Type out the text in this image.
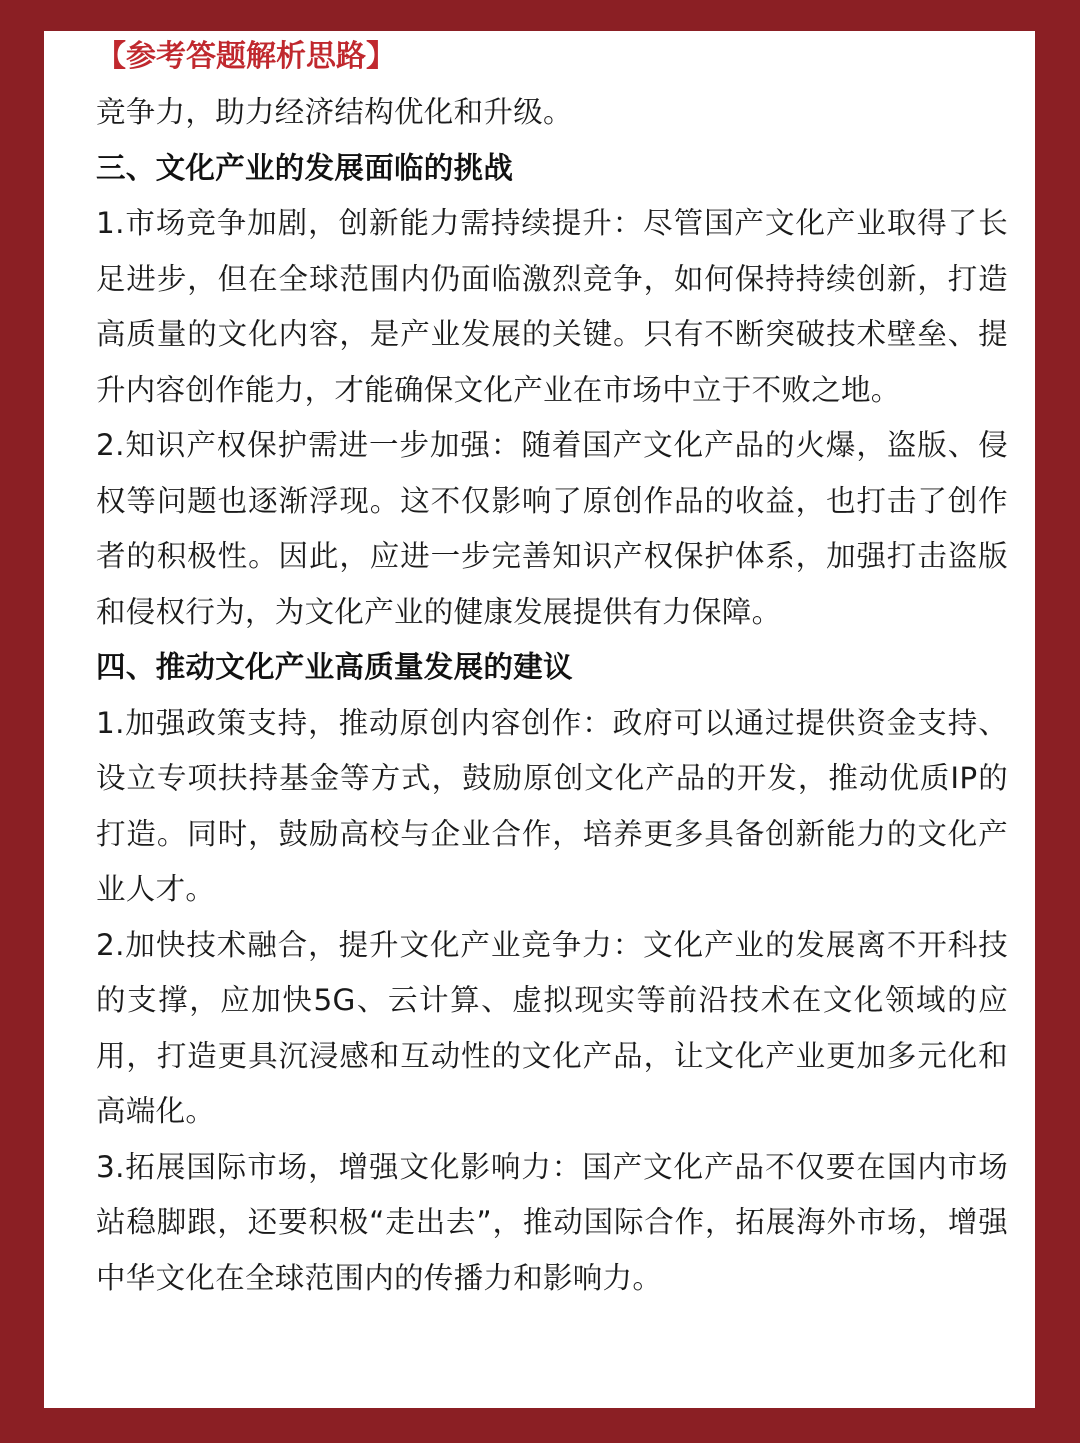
【参考答题解析思路】

竞争力，助力经济结构优化和升级。

三、文化产业的发展面临的挑战

1.市场竞争加剧，创新能力需持续提升：尽管国产文化产业取得了长足进步，但在全球范围内仍面临激烈竞争，如何保持持续创新，打造高质量的文化内容，是产业发展的关键。只有不断突破技术壁垒、提升内容创作能力，才能确保文化产业在市场中立于不败之地。

2.知识产权保护需进一步加强：随着国产文化产品的火爆，盗版、侵权等问题也逐渐浮现。这不仅影响了原创作品的收益，也打击了创作者的积极性。因此，应进一步完善知识产权保护体系，加强打击盗版和侵权行为，为文化产业的健康发展提供有力保障。

四、推动文化产业高质量发展的建议

1.加强政策支持，推动原创内容创作：政府可以通过提供资金支持、设立专项扶持基金等方式，鼓励原创文化产品的开发，推动优质IP的打造。同时，鼓励高校与企业合作，培养更多具备创新能力的文化产业人才。

2.加快技术融合，提升文化产业竞争力：文化产业的发展离不开科技的支撑，应加快5G、云计算、虚拟现实等前沿技术在文化领域的应用，打造更具沉浸感和互动性的文化产品，让文化产业更加多元化和高端化。

3.拓展国际市场，增强文化影响力：国产文化产品不仅要在国内市场站稳脚跟，还要积极“走出去”，推动国际合作，拓展海外市场，增强中华文化在全球范围内的传播力和影响力。
